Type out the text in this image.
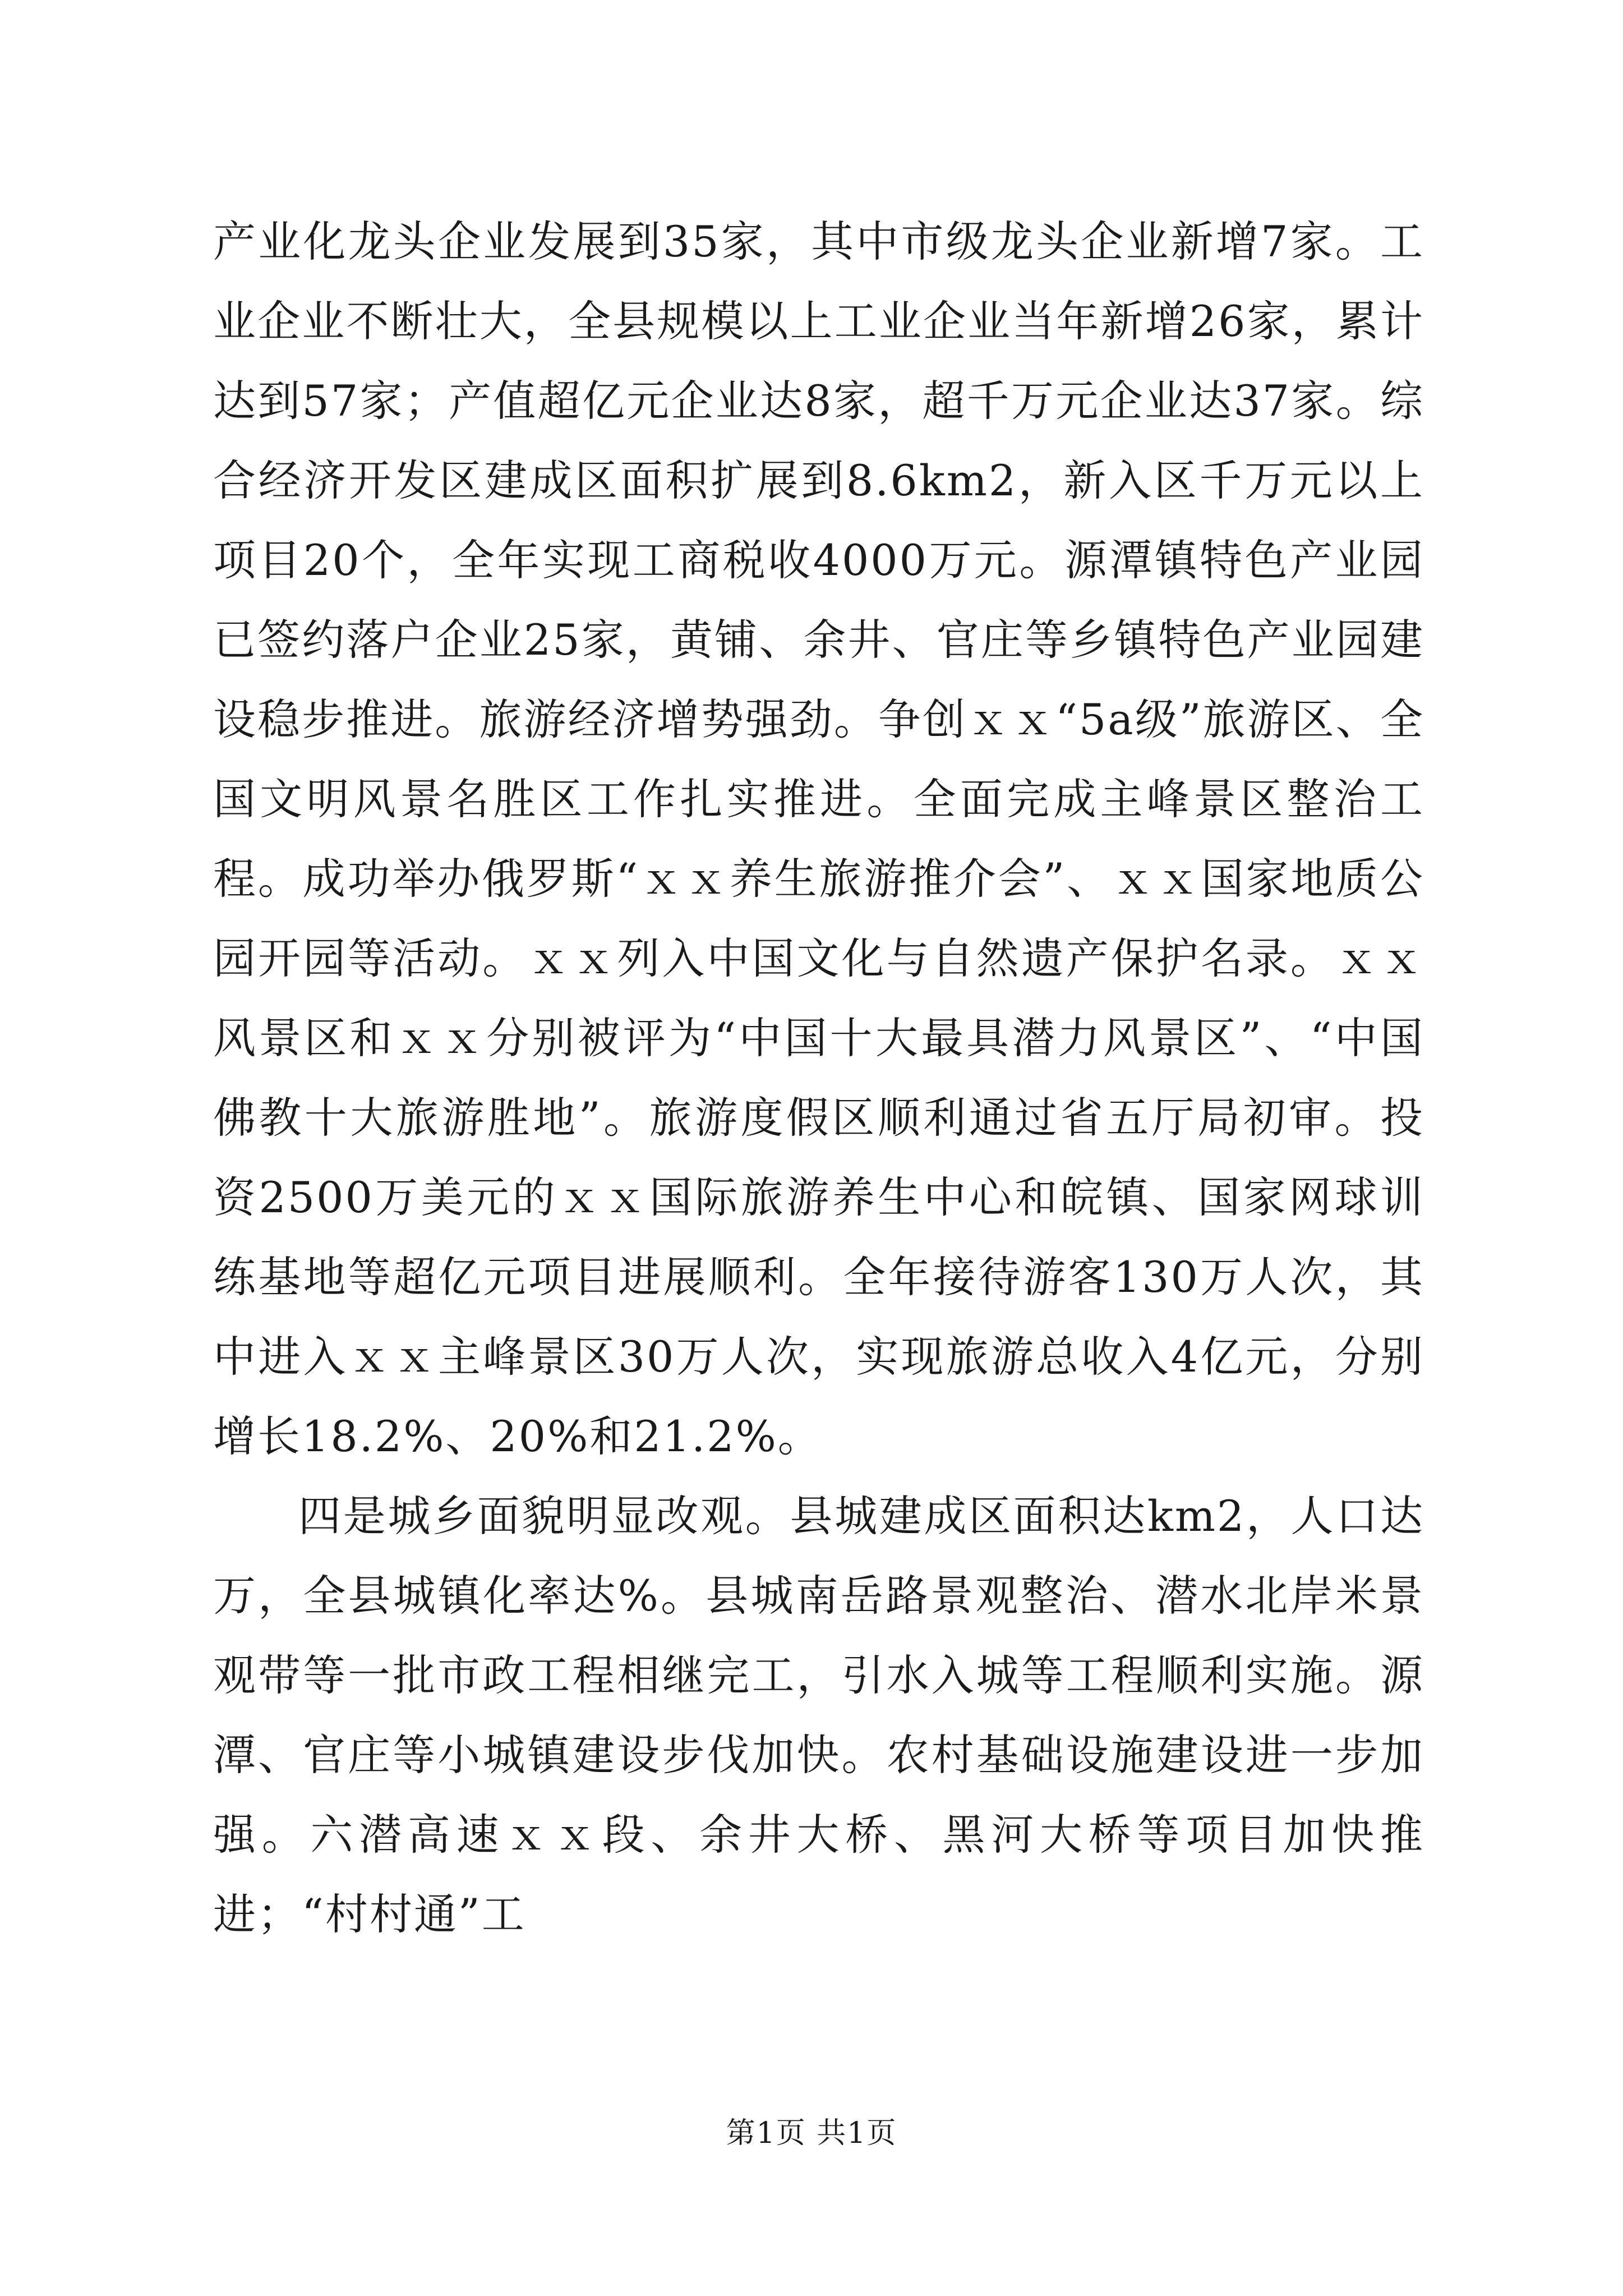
产业化龙头企业发展到35家，其中市级龙头企业新增7家。工业企业不断壮大，全县规模以上工业企业当年新增26家，累计达到57家；产值超亿元企业达8家，超千万元企业达37家。综合经济开发区建成区面积扩展到8.6km2，新入区千万元以上项目20个，全年实现工商税收4000万元。源潭镇特色产业园已签约落户企业25家，黄铺、余井、官庄等乡镇特色产业园建设稳步推进。旅游经济增势强劲。争创ｘｘ“5a级”旅游区、全国文明风景名胜区工作扎实推进。全面完成主峰景区整治工程。成功举办俄罗斯“ｘｘ养生旅游推介会”、ｘｘ国家地质公园开园等活动。ｘｘ列入中国文化与自然遗产保护名录。ｘｘ风景区和ｘｘ分别被评为“中国十大最具潜力风景区”、“中国佛教十大旅游胜地”。旅游度假区顺利通过省五厅局初审。投资2500万美元的ｘｘ国际旅游养生中心和皖镇、国家网球训练基地等超亿元项目进展顺利。全年接待游客130万人次，其中进入ｘｘ主峰景区30万人次，实现旅游总收入4亿元，分别增长18.2%、20%和21.2%。

四是城乡面貌明显改观。县城建成区面积达km2，人口达万，全县城镇化率达%。县城南岳路景观整治、潜水北岸米景观带等一批市政工程相继完工，引水入城等工程顺利实施。源潭、官庄等小城镇建设步伐加快。农村基础设施建设进一步加强。六潜高速ｘｘ段、余井大桥、黑河大桥等项目加快推进；“村村通”工

第1页 共1页
